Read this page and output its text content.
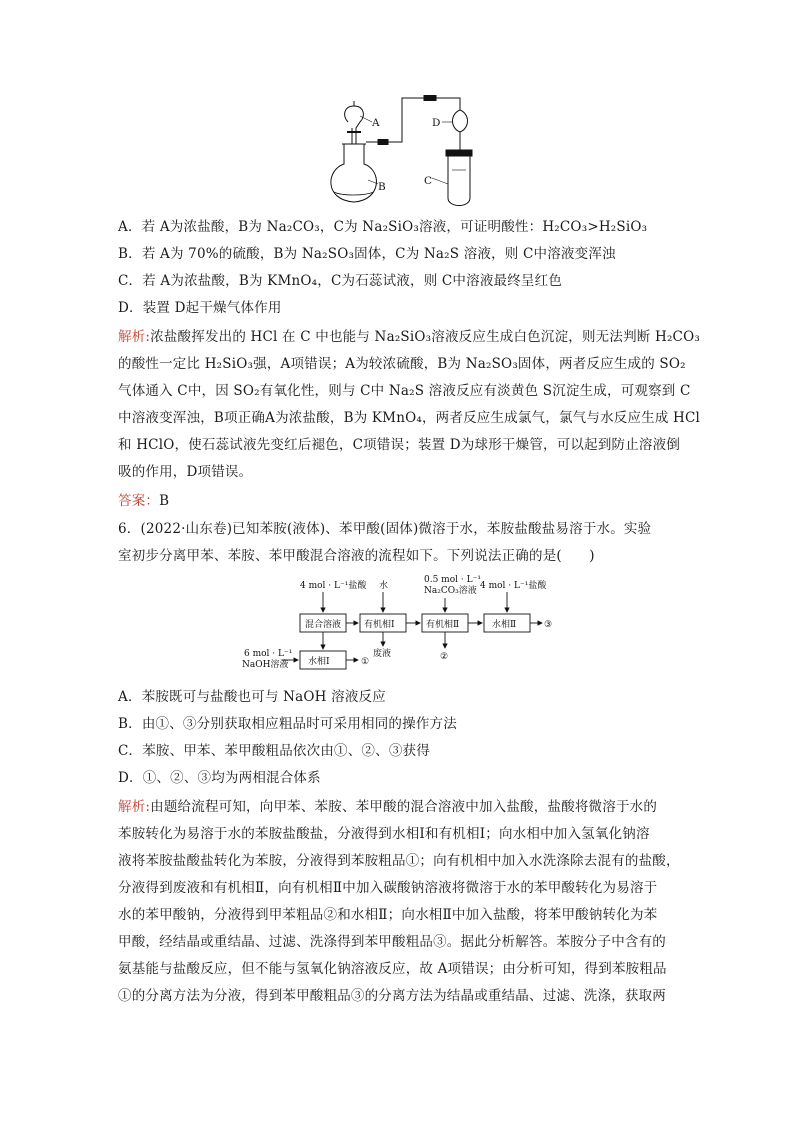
A
B	C
D
A．若 A为浓盐酸，B为 Na₂CO₃，C为 Na₂SiO₃溶液，可证明酸性：H₂CO₃>H₂SiO₃
B．若 A为 70%的硫酸，B为 Na₂SO₃固体，C为 Na₂S 溶液，则 C中溶液变浑浊
C．若 A为浓盐酸，B为 KMnO₄，C为石蕊试液，则 C中溶液最终呈红色
D．装置 D起干燥气体作用
解析:浓盐酸挥发出的 HCl 在 C 中也能与 Na₂SiO₃溶液反应生成白色沉淀，则无法判断 H₂CO₃
的酸性一定比 H₂SiO₃强，A项错误；A为较浓硫酸，B为 Na₂SO₃固体，两者反应生成的 SO₂
气体通入 C中，因 SO₂有氧化性，则与 C中 Na₂S 溶液反应有淡黄色 S沉淀生成，可观察到 C
中溶液变浑浊，B项正确A为浓盐酸，B为 KMnO₄，两者反应生成氯气，氯气与水反应生成 HCl
和 HClO，使石蕊试液先变红后褪色，C项错误；装置 D为球形干燥管，可以起到防止溶液倒
吸的作用，D项错误。
答案：B
6．(2022·山东卷)已知苯胺(液体)、苯甲酸(固体)微溶于水，苯胺盐酸盐易溶于水。实验
室初步分离甲苯、苯胺、苯甲酸混合溶液的流程如下。下列说法正确的是(　　)
4 mol · L⁻¹盐酸 水
0.5 mol · L⁻¹
Na₂CO₃溶液 4 mol · L⁻¹盐酸
6 mol · L⁻¹
NaOH溶液
混合溶液	有机相Ⅰ	有机相Ⅱ	水相Ⅱ
水相Ⅰ
废液
①	②
③
A．苯胺既可与盐酸也可与 NaOH 溶液反应
B．由①、③分别获取相应粗品时可采用相同的操作方法
C．苯胺、甲苯、苯甲酸粗品依次由①、②、③获得
D．①、②、③均为两相混合体系
解析:由题给流程可知，向甲苯、苯胺、苯甲酸的混合溶液中加入盐酸，盐酸将微溶于水的
苯胺转化为易溶于水的苯胺盐酸盐，分液得到水相Ⅰ和有机相Ⅰ；向水相中加入氢氧化钠溶
液将苯胺盐酸盐转化为苯胺，分液得到苯胺粗品①；向有机相中加入水洗涤除去混有的盐酸，
分液得到废液和有机相Ⅱ，向有机相Ⅱ中加入碳酸钠溶液将微溶于水的苯甲酸转化为易溶于
水的苯甲酸钠，分液得到甲苯粗品②和水相Ⅱ；向水相Ⅱ中加入盐酸，将苯甲酸钠转化为苯
甲酸，经结晶或重结晶、过滤、洗涤得到苯甲酸粗品③。据此分析解答。苯胺分子中含有的
氨基能与盐酸反应，但不能与氢氧化钠溶液反应，故 A项错误；由分析可知，得到苯胺粗品
①的分离方法为分液，得到苯甲酸粗品③的分离方法为结晶或重结晶、过滤、洗涤，获取两
